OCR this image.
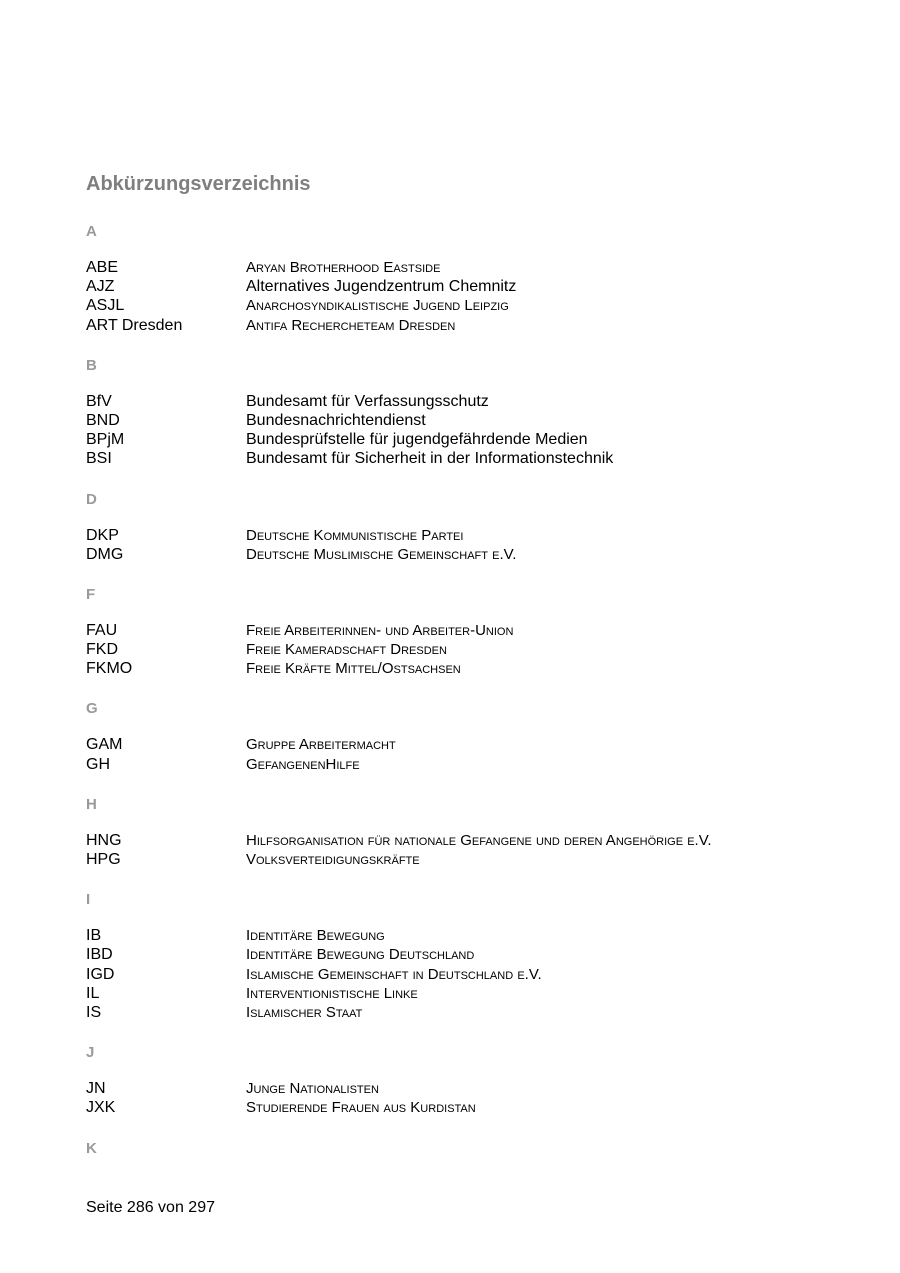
Abkürzungsverzeichnis
A
ABE	Aryan Brotherhood Eastside
AJZ	Alternatives Jugendzentrum Chemnitz
ASJL	Anarchosyndikalistische Jugend Leipzig
ART Dresden	Antifa Recherchеteam Dresden
B
BfV	Bundesamt für Verfassungsschutz
BND	Bundesnachrichtendienst
BPjM	Bundesprüfstelle für jugendgefährdende Medien
BSI	Bundesamt für Sicherheit in der Informationstechnik
D
DKP	Deutsche Kommunistische Partei
DMG	Deutsche Muslimische Gemeinschaft e.V.
F
FAU	Freie Arbeiterinnen- und Arbeiter-Union
FKD	Freie Kameradschaft Dresden
FKMO	Freie Kräfte Mittel/Ostsachsen
G
GAM	Gruppe Arbeitermacht
GH	GefangenenHilfe
H
HNG	Hilfsorganisation für nationale Gefangene und deren Angehörige e.V.
HPG	Volksverteidigungskräfte
I
IB	Identitäre Bewegung
IBD	Identitäre Bewegung Deutschland
IGD	Islamische Gemeinschaft in Deutschland e.V.
IL	Interventionistische Linke
IS	Islamischer Staat
J
JN	Junge Nationalisten
JXK	Studierende Frauen aus Kurdistan
K
Seite 286 von 297
